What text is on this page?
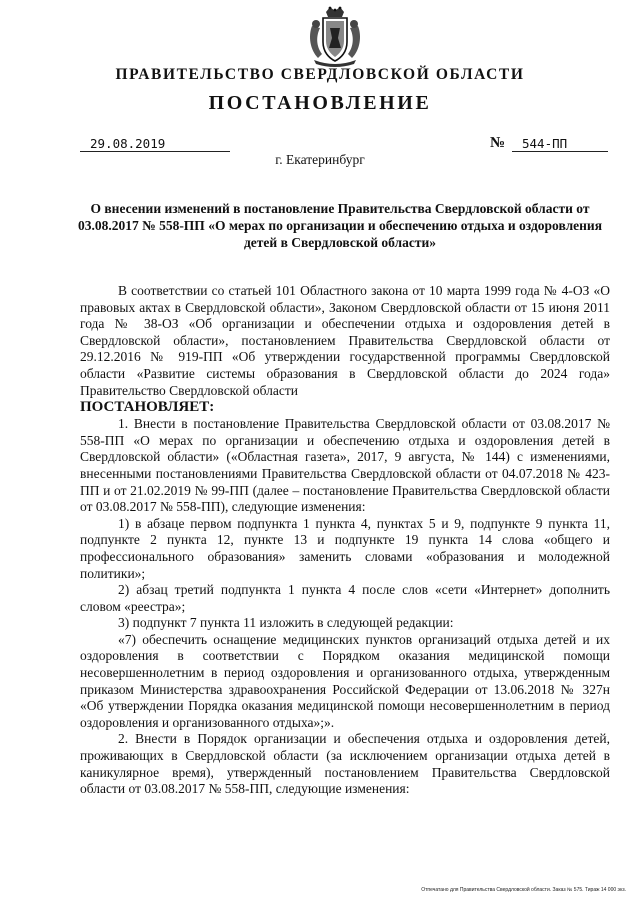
ПРАВИТЕЛЬСТВО СВЕРДЛОВСКОЙ ОБЛАСТИ
ПОСТАНОВЛЕНИЕ
29.08.2019	№	544-ПП
г. Екатеринбург
О внесении изменений в постановление Правительства Свердловской области от 03.08.2017 № 558-ПП «О мерах по организации и обеспечению отдыха и оздоровления детей в Свердловской области»

В соответствии со статьей 101 Областного закона от 10 марта 1999 года № 4-ОЗ «О правовых актах в Свердловской области», Законом Свердловской области от 15 июня 2011 года № 38-ОЗ «Об организации и обеспечении отдыха и оздоровления детей в Свердловской области», постановлением Правительства Свердловской области от 29.12.2016 № 919-ПП «Об утверждении государственной программы Свердловской области «Развитие системы образования в Свердловской области до 2024 года» Правительство Свердловской области

ПОСТАНОВЛЯЕТ:

1. Внести в постановление Правительства Свердловской области от 03.08.2017 № 558-ПП «О мерах по организации и обеспечению отдыха и оздоровления детей в Свердловской области» («Областная газета», 2017, 9 августа, № 144) с изменениями, внесенными постановлениями Правительства Свердловской области от 04.07.2018 № 423-ПП и от 21.02.2019 № 99-ПП (далее – постановление Правительства Свердловской области от 03.08.2017 № 558-ПП), следующие изменения:

1) в абзаце первом подпункта 1 пункта 4, пунктах 5 и 9, подпункте 9 пункта 11, подпункте 2 пункта 12, пункте 13 и подпункте 19 пункта 14 слова «общего и профессионального образования» заменить словами «образования и молодежной политики»;

2) абзац третий подпункта 1 пункта 4 после слов «сети «Интернет» дополнить словом «реестра»;

3) подпункт 7 пункта 11 изложить в следующей редакции:

«7) обеспечить оснащение медицинских пунктов организаций отдыха детей и их оздоровления в соответствии с Порядком оказания медицинской помощи несовершеннолетним в период оздоровления и организованного отдыха, утвержденным приказом Министерства здравоохранения Российской Федерации от 13.06.2018 № 327н «Об утверждении Порядка оказания медицинской помощи несовершеннолетним в период оздоровления и организованного отдыха»;».

2. Внести в Порядок организации и обеспечения отдыха и оздоровления детей, проживающих в Свердловской области (за исключением организации отдыха детей в каникулярное время), утвержденный постановлением Правительства Свердловской области от 03.08.2017 № 558-ПП, следующие изменения:

Отпечатано для Правительства Свердловской области. Заказ № 575. Тираж 14 000 экз.
